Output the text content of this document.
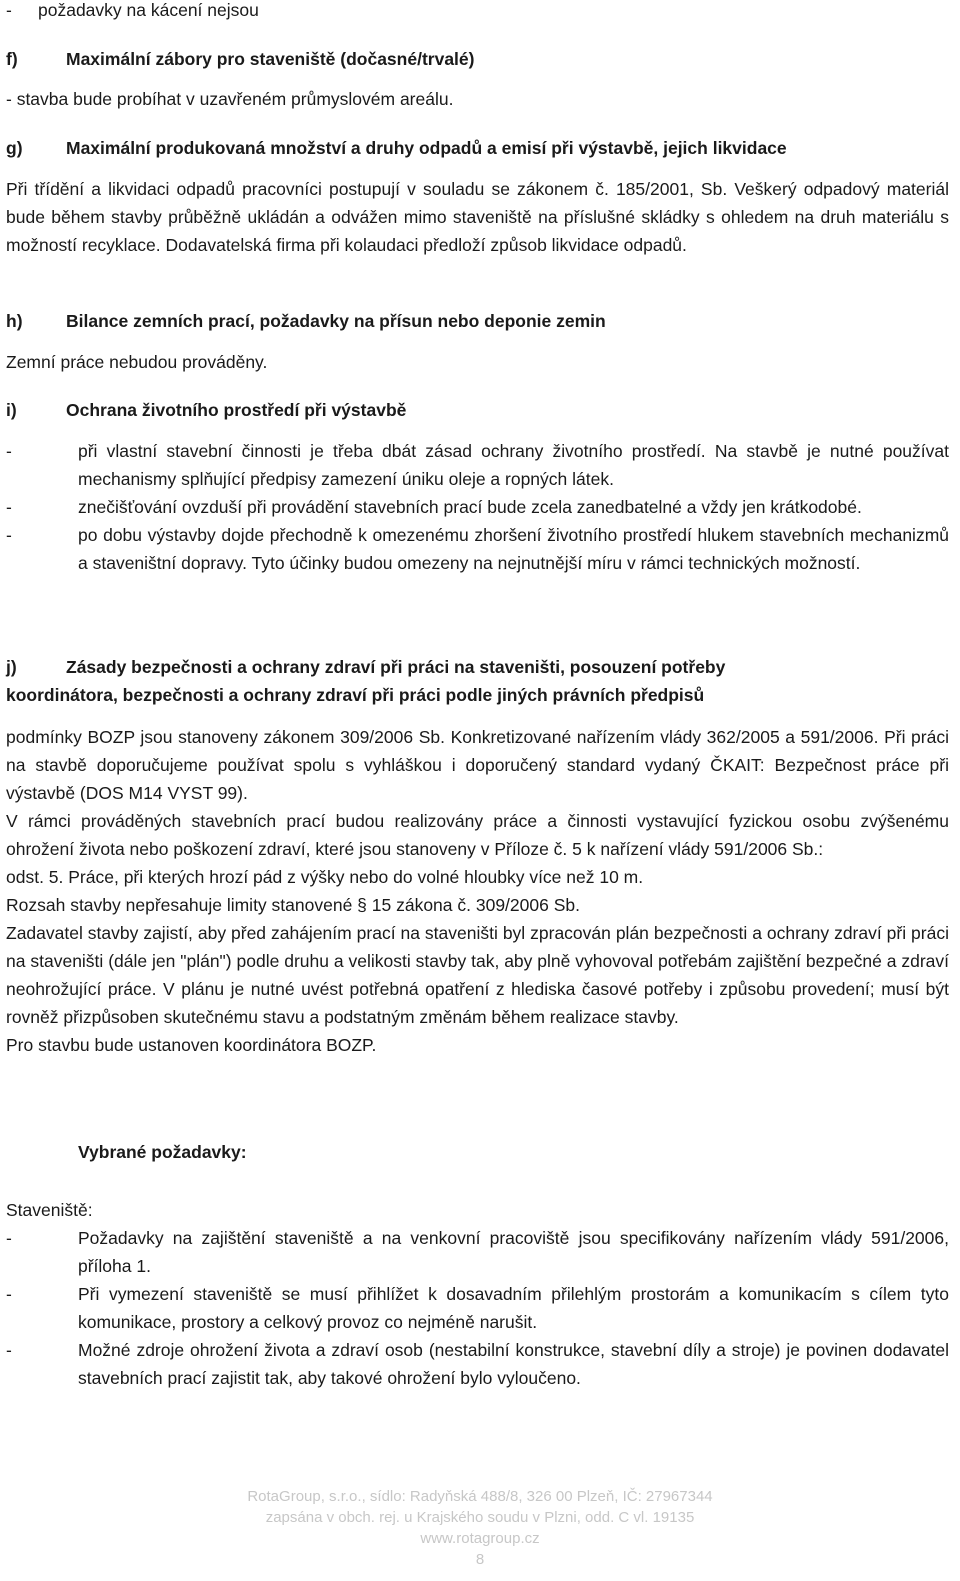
-	požadavky na kácení nejsou

f)	Maximální zábory pro staveniště (dočasné/trvalé)

- stavba bude probíhat v uzavřeném průmyslovém areálu.

g) Maximální produkovaná množství a druhy odpadů a emisí při výstavbě, jejich likvidace

Při třídění a likvidaci odpadů pracovníci postupují v souladu se zákonem č. 185/2001, Sb. Veškerý odpadový materiál bude během stavby průběžně ukládán a odvážen mimo staveniště na příslušné skládky s ohledem na druh materiálu s možností recyklace. Dodavatelská firma při kolaudaci předloží způsob likvidace odpadů.

h) Bilance zemních prací, požadavky na přísun nebo deponie zemin

Zemní práce nebudou prováděny.

i)	Ochrana životního prostředí při výstavbě

-	při vlastní stavební činnosti je třeba dbát zásad ochrany životního prostředí. Na stavbě je nutné používat mechanismy splňující předpisy zamezení úniku oleje a ropných látek.
-	znečišťování ovzduší při provádění stavebních prací bude zcela zanedbatelné a vždy jen krátkodobé.
-	po dobu výstavby dojde přechodně k omezenému zhoršení životního prostředí hlukem stavebních mechanizmů a staveništní dopravy. Tyto účinky budou omezeny na nejnutnější míru v rámci technických možností.

j)	Zásady bezpečnosti a ochrany zdraví při práci na staveništi, posouzení potřeby

koordinátora, bezpečnosti a ochrany zdraví při práci podle jiných právních předpisů

podmínky BOZP jsou stanoveny zákonem 309/2006 Sb. Konkretizované nařízením vlády 362/2005 a 591/2006. Při práci na stavbě doporučujeme používat spolu s vyhláškou i doporučený standard vydaný ČKAIT: Bezpečnost práce při výstavbě (DOS M14 VYST 99).

V rámci prováděných stavebních prací budou realizovány práce a činnosti vystavující fyzickou osobu zvýšenému ohrožení života nebo poškození zdraví, které jsou stanoveny v Příloze č. 5 k nařízení vlády 591/2006 Sb.:

odst. 5. Práce, při kterých hrozí pád z výšky nebo do volné hloubky více než 10 m.

Rozsah stavby nepřesahuje limity stanovené § 15 zákona č. 309/2006 Sb.

Zadavatel stavby zajistí, aby před zahájením prací na staveništi byl zpracován plán bezpečnosti a ochrany zdraví při práci na staveništi (dále jen "plán") podle druhu a velikosti stavby tak, aby plně vyhovoval potřebám zajištění bezpečné a zdraví neohrožující práce. V plánu je nutné uvést potřebná opatření z hlediska časové potřeby i způsobu provedení; musí být rovněž přizpůsoben skutečnému stavu a podstatným změnám během realizace stavby.

Pro stavbu bude ustanoven koordinátora BOZP.

Vybrané požadavky:

Staveniště:

-	Požadavky na zajištění staveniště a na venkovní pracoviště jsou specifikovány nařízením vlády 591/2006, příloha 1.
-	Při vymezení staveniště se musí přihlížet k dosavadním přilehlým prostorám a komunikacím s cílem tyto komunikace, prostory a celkový provoz co nejméně narušit.
-	Možné zdroje ohrožení života a zdraví osob (nestabilní konstrukce, stavební díly a stroje) je povinen dodavatel stavebních prací zajistit tak, aby takové ohrožení bylo vyloučeno.
RotaGroup, s.r.o., sídlo: Radyňská 488/8, 326 00 Plzeň, IČ: 27967344
zapsána v obch. rej. u Krajského soudu v Plzni, odd. C vl. 19135
www.rotagroup.cz
8
